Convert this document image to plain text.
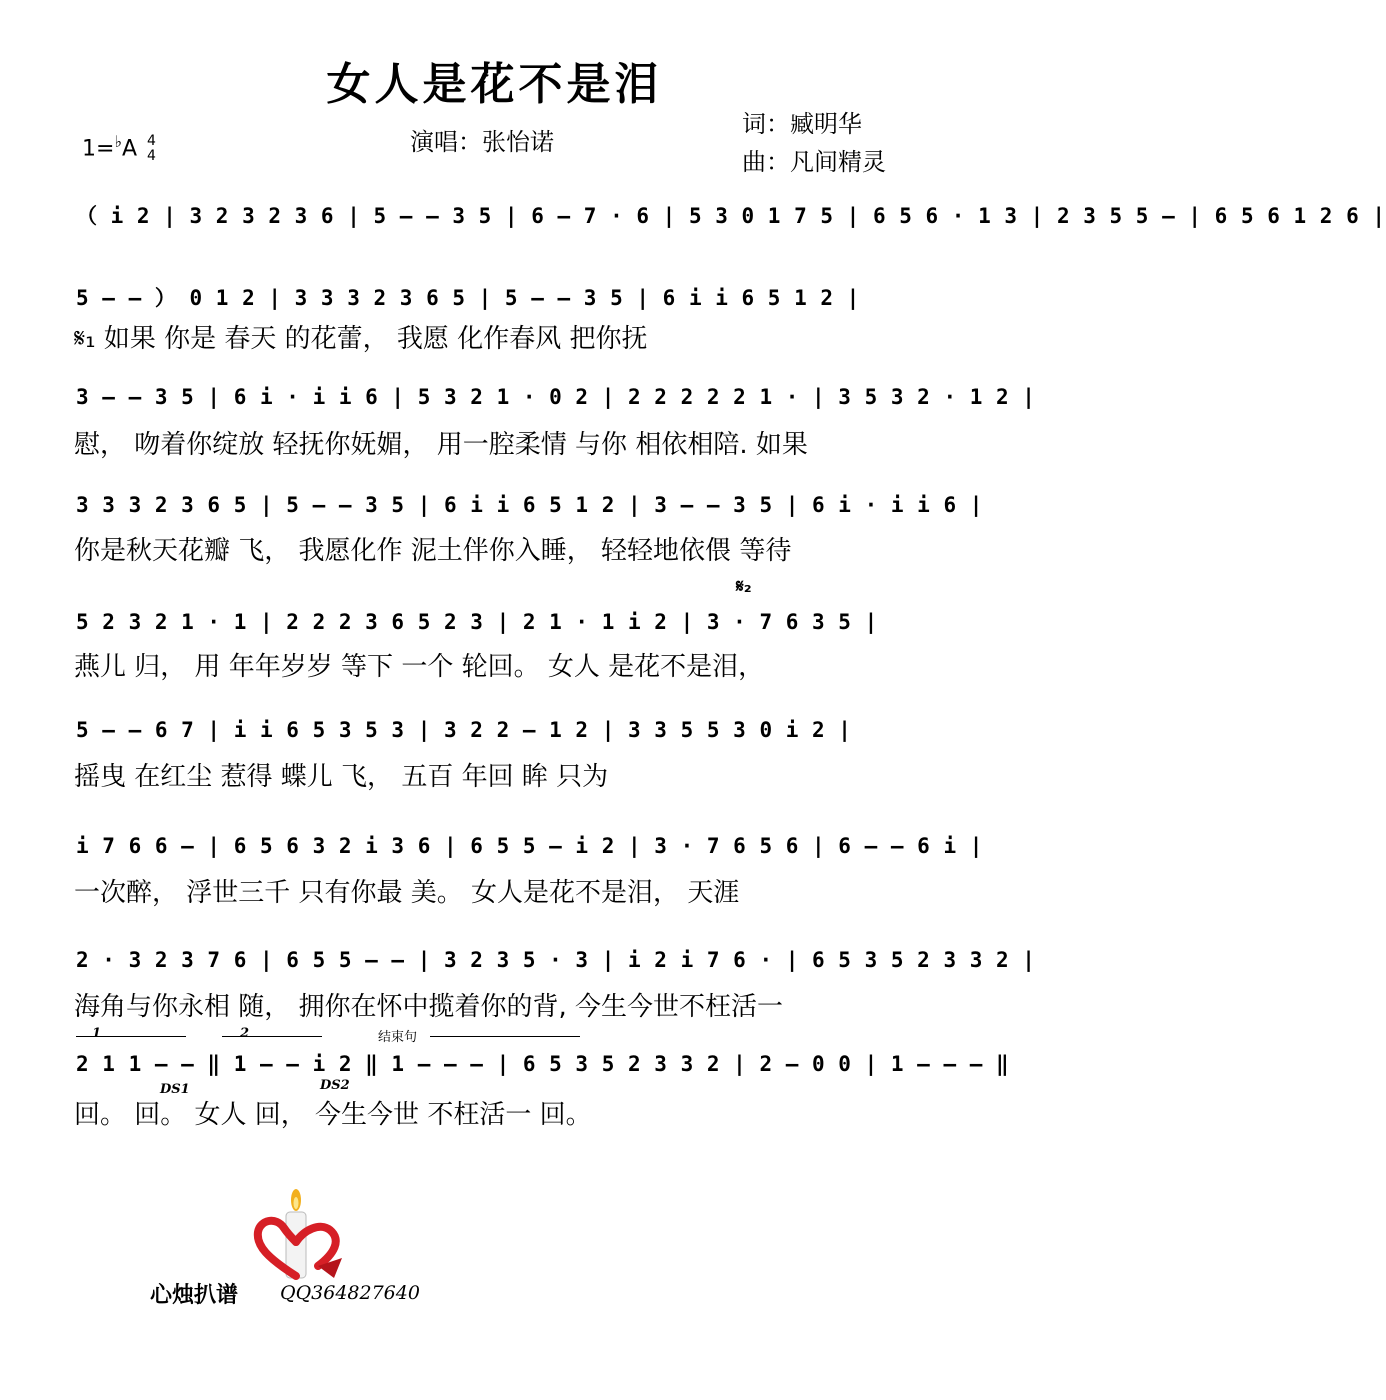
女人是花不是泪
1=♭A 4
4
演唱：张怡诺
词：臧明华
曲：凡间精灵
（ i 2 | 3 2 3 2 3 6 | 5 – – 3 5 | 6 – 7 · 6 | 5 3 0 1 7 5 | 6 5 6 · 1 3 | 2 3 5 5 – | 6 5 6 1 2 6 |
5 – – ） 0 1 2 | 3 3 3 2 3 6 5 | 5 – – 3 5 | 6 i i 6 5 1 2 |
𝄋₁ 如果 你是 春天 的花蕾， 我愿 化作春风 把你抚
3 – – 3 5 | 6 i · i i 6 | 5 3 2 1 · 0 2 | 2 2 2 2 2 1 · | 3 5 3 2 · 1 2 |
慰， 吻着你绽放 轻抚你妩媚， 用一腔柔情 与你 相依相陪. 如果
3 3 3 2 3 6 5 | 5 – – 3 5 | 6 i i 6 5 1 2 | 3 – – 3 5 | 6 i · i i 6 |
你是秋天花瓣 飞， 我愿化作 泥土伴你入睡， 轻轻地依偎 等待
𝄋₂
5 2 3 2 1 · 1 | 2 2 2 3 6 5 2 3 | 2 1 · 1 i 2 | 3 · 7 6 3 5 |
燕儿 归， 用 年年岁岁 等下 一个 轮回。 女人 是花不是泪，
5 – – 6 7 | i i 6 5 3 5 3 | 3 2 2 – 1 2 | 3 3 5 5 3 0 i 2 |
摇曳 在红尘 惹得 蝶儿 飞， 五百 年回 眸 只为
i 7 6 6 – | 6 5 6 3 2 i 3 6 | 6 5 5 – i 2 | 3 · 7 6 5 6 | 6 – – 6 i |
一次醉， 浮世三千 只有你最 美。 女人是花不是泪， 天涯
2 · 3 2 3 7 6 | 6 5 5 – – | 3 2 3 5 · 3 | i 2 i 7 6 · | 6 5 3 5 2 3 3 2 |
海角与你永相 随， 拥你在怀中揽着你的背, 今生今世不枉活一
1	2	结束句
2 1 1 – – ‖ 1 – – i 2 ‖ 1 – – – | 6 5 3 5 2 3 3 2 | 2 – 0 0 | 1 – – – ‖
DS1	DS2
回。 回。 女人 回， 今生今世 不枉活一 回。
心烛扒谱 QQ364827640
